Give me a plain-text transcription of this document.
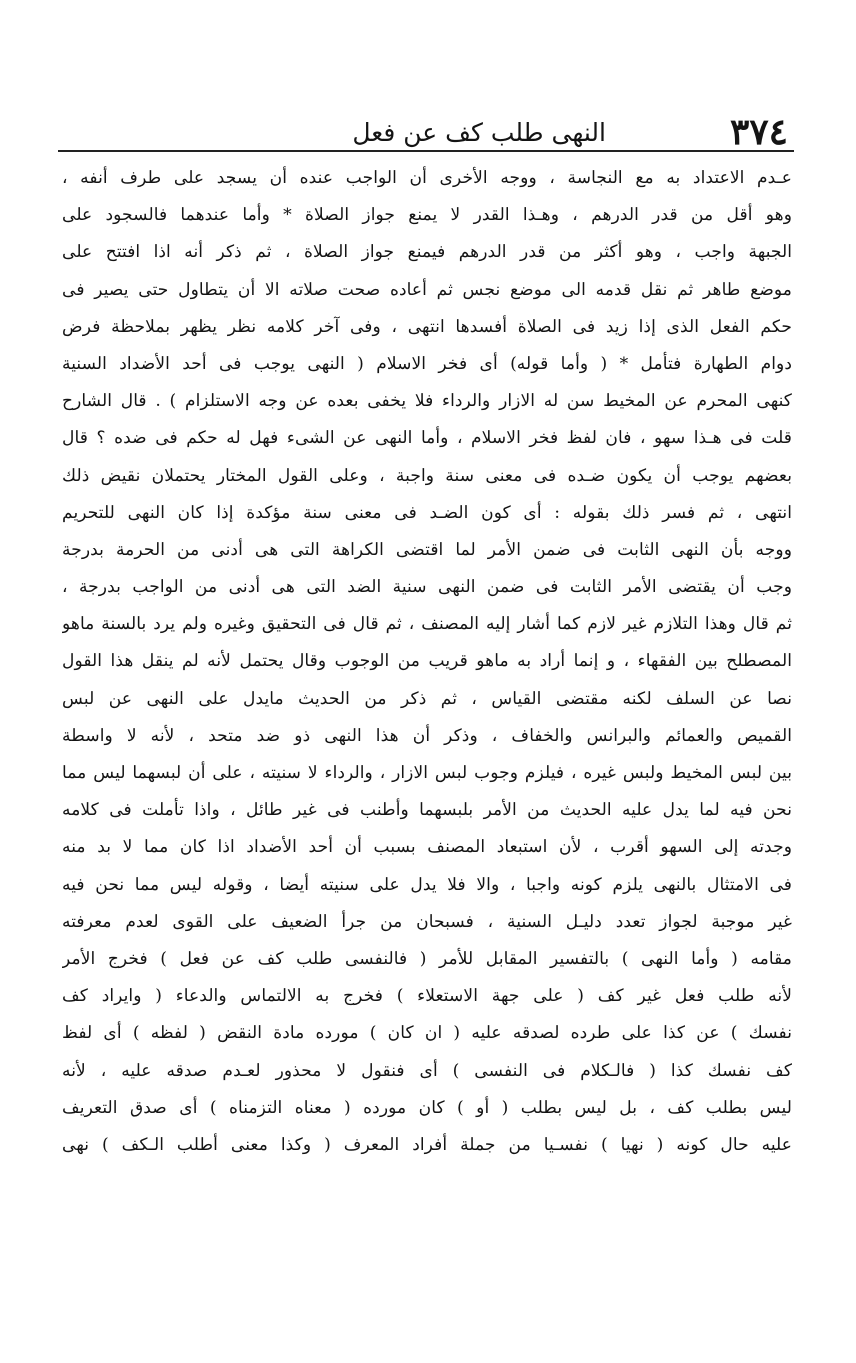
٣٧٤
النهى طلب كف عن فعل
عـدم الاعتداد به مع النجاسة ، ووجه الأخرى أن الواجب عنده أن يسجد على طرف أنفه ،
وهو أقل من قدر الدرهم ، وهـذا القدر لا يمنع جواز الصلاة * وأما عندهما فالسجود على
الجبهة واجب ، وهو أكثر من قدر الدرهم فيمنع جواز الصلاة ، ثم ذكر أنه اذا افتتح على
موضع طاهر ثم نقل قدمه الى موضع نجس ثم أعاده صحت صلاته الا أن يتطاول حتى يصير فى
حكم الفعل الذى إذا زيد فى الصلاة أفسدها انتهى ، وفى آخر كلامه نظر يظهر بملاحظة فرض
دوام الطهارة فتأمل * ( وأما قوله) أى فخر الاسلام ( النهى يوجب فى أحد الأضداد السنية
كنهى المحرم عن المخيط سن له الازار والرداء فلا يخفى بعده عن وجه الاستلزام ) . قال الشارح
قلت فى هـذا سهو ، فان لفظ فخر الاسلام ، وأما النهى عن الشىء فهل له حكم فى ضده ؟ قال
بعضهم يوجب أن يكون ضـده فى معنى سنة واجبة ، وعلى القول المختار يحتملان نقيض ذلك
انتهى ، ثم فسر ذلك بقوله : أى كون الضـد فى معنى سنة مؤكدة إذا كان النهى للتحريم
ووجه بأن النهى الثابت فى ضمن الأمر لما اقتضى الكراهة التى هى أدنى من الحرمة بدرجة
وجب أن يقتضى الأمر الثابت فى ضمن النهى سنية الضد التى هى أدنى من الواجب بدرجة ،
ثم قال وهذا التلازم غير لازم كما أشار إليه المصنف ، ثم قال فى التحقيق وغيره ولم يرد بالسنة ماهو
المصطلح بين الفقهاء ، و إنما أراد به ماهو قريب من الوجوب وقال يحتمل لأنه لم ينقل هذا القول
نصا عن السلف لكنه مقتضى القياس ، ثم ذكر من الحديث مايدل على النهى عن لبس
القميص والعمائم والبرانس والخفاف ، وذكر أن هذا النهى ذو ضد متحد ، لأنه لا واسطة
بين لبس المخيط ولبس غيره ، فيلزم وجوب لبس الازار ، والرداء لا سنيته ، على أن لبسهما ليس مما
نحن فيه لما يدل عليه الحديث من الأمر بلبسهما وأطنب فى غير طائل ، واذا تأملت فى كلامه
وجدته إلى السهو أقرب ، لأن استبعاد المصنف بسبب أن أحد الأضداد اذا كان مما لا بد منه
فى الامتثال بالنهى يلزم كونه واجبا ، والا فلا يدل على سنيته أيضا ، وقوله ليس مما نحن فيه
غير موجبة لجواز تعدد دليـل السنية ، فسبحان من جرأ الضعيف على القوى لعدم معرفته
مقامه ( وأما النهى ) بالتفسير المقابل للأمر ( فالنفسى طلب كف عن فعل ) فخرج الأمر
لأنه طلب فعل غير كف ( على جهة الاستعلاء ) فخرج به الالتماس والدعاء ( وايراد كف
نفسك ) عن كذا على طرده لصدقه عليه ( ان كان ) مورده مادة النقض ( لفظه ) أى لفظ
كف نفسك كذا ( فالـكلام فى النفسى ) أى فنقول لا محذور لعـدم صدقه عليه ، لأنه
ليس بطلب كف ، بل ليس بطلب ( أو ) كان مورده ( معناه التزمناه ) أى صدق التعريف
عليه حال كونه ( نهيا ) نفسـيا من جملة أفراد المعرف ( وكذا معنى أطلب الـكف ) نهى
